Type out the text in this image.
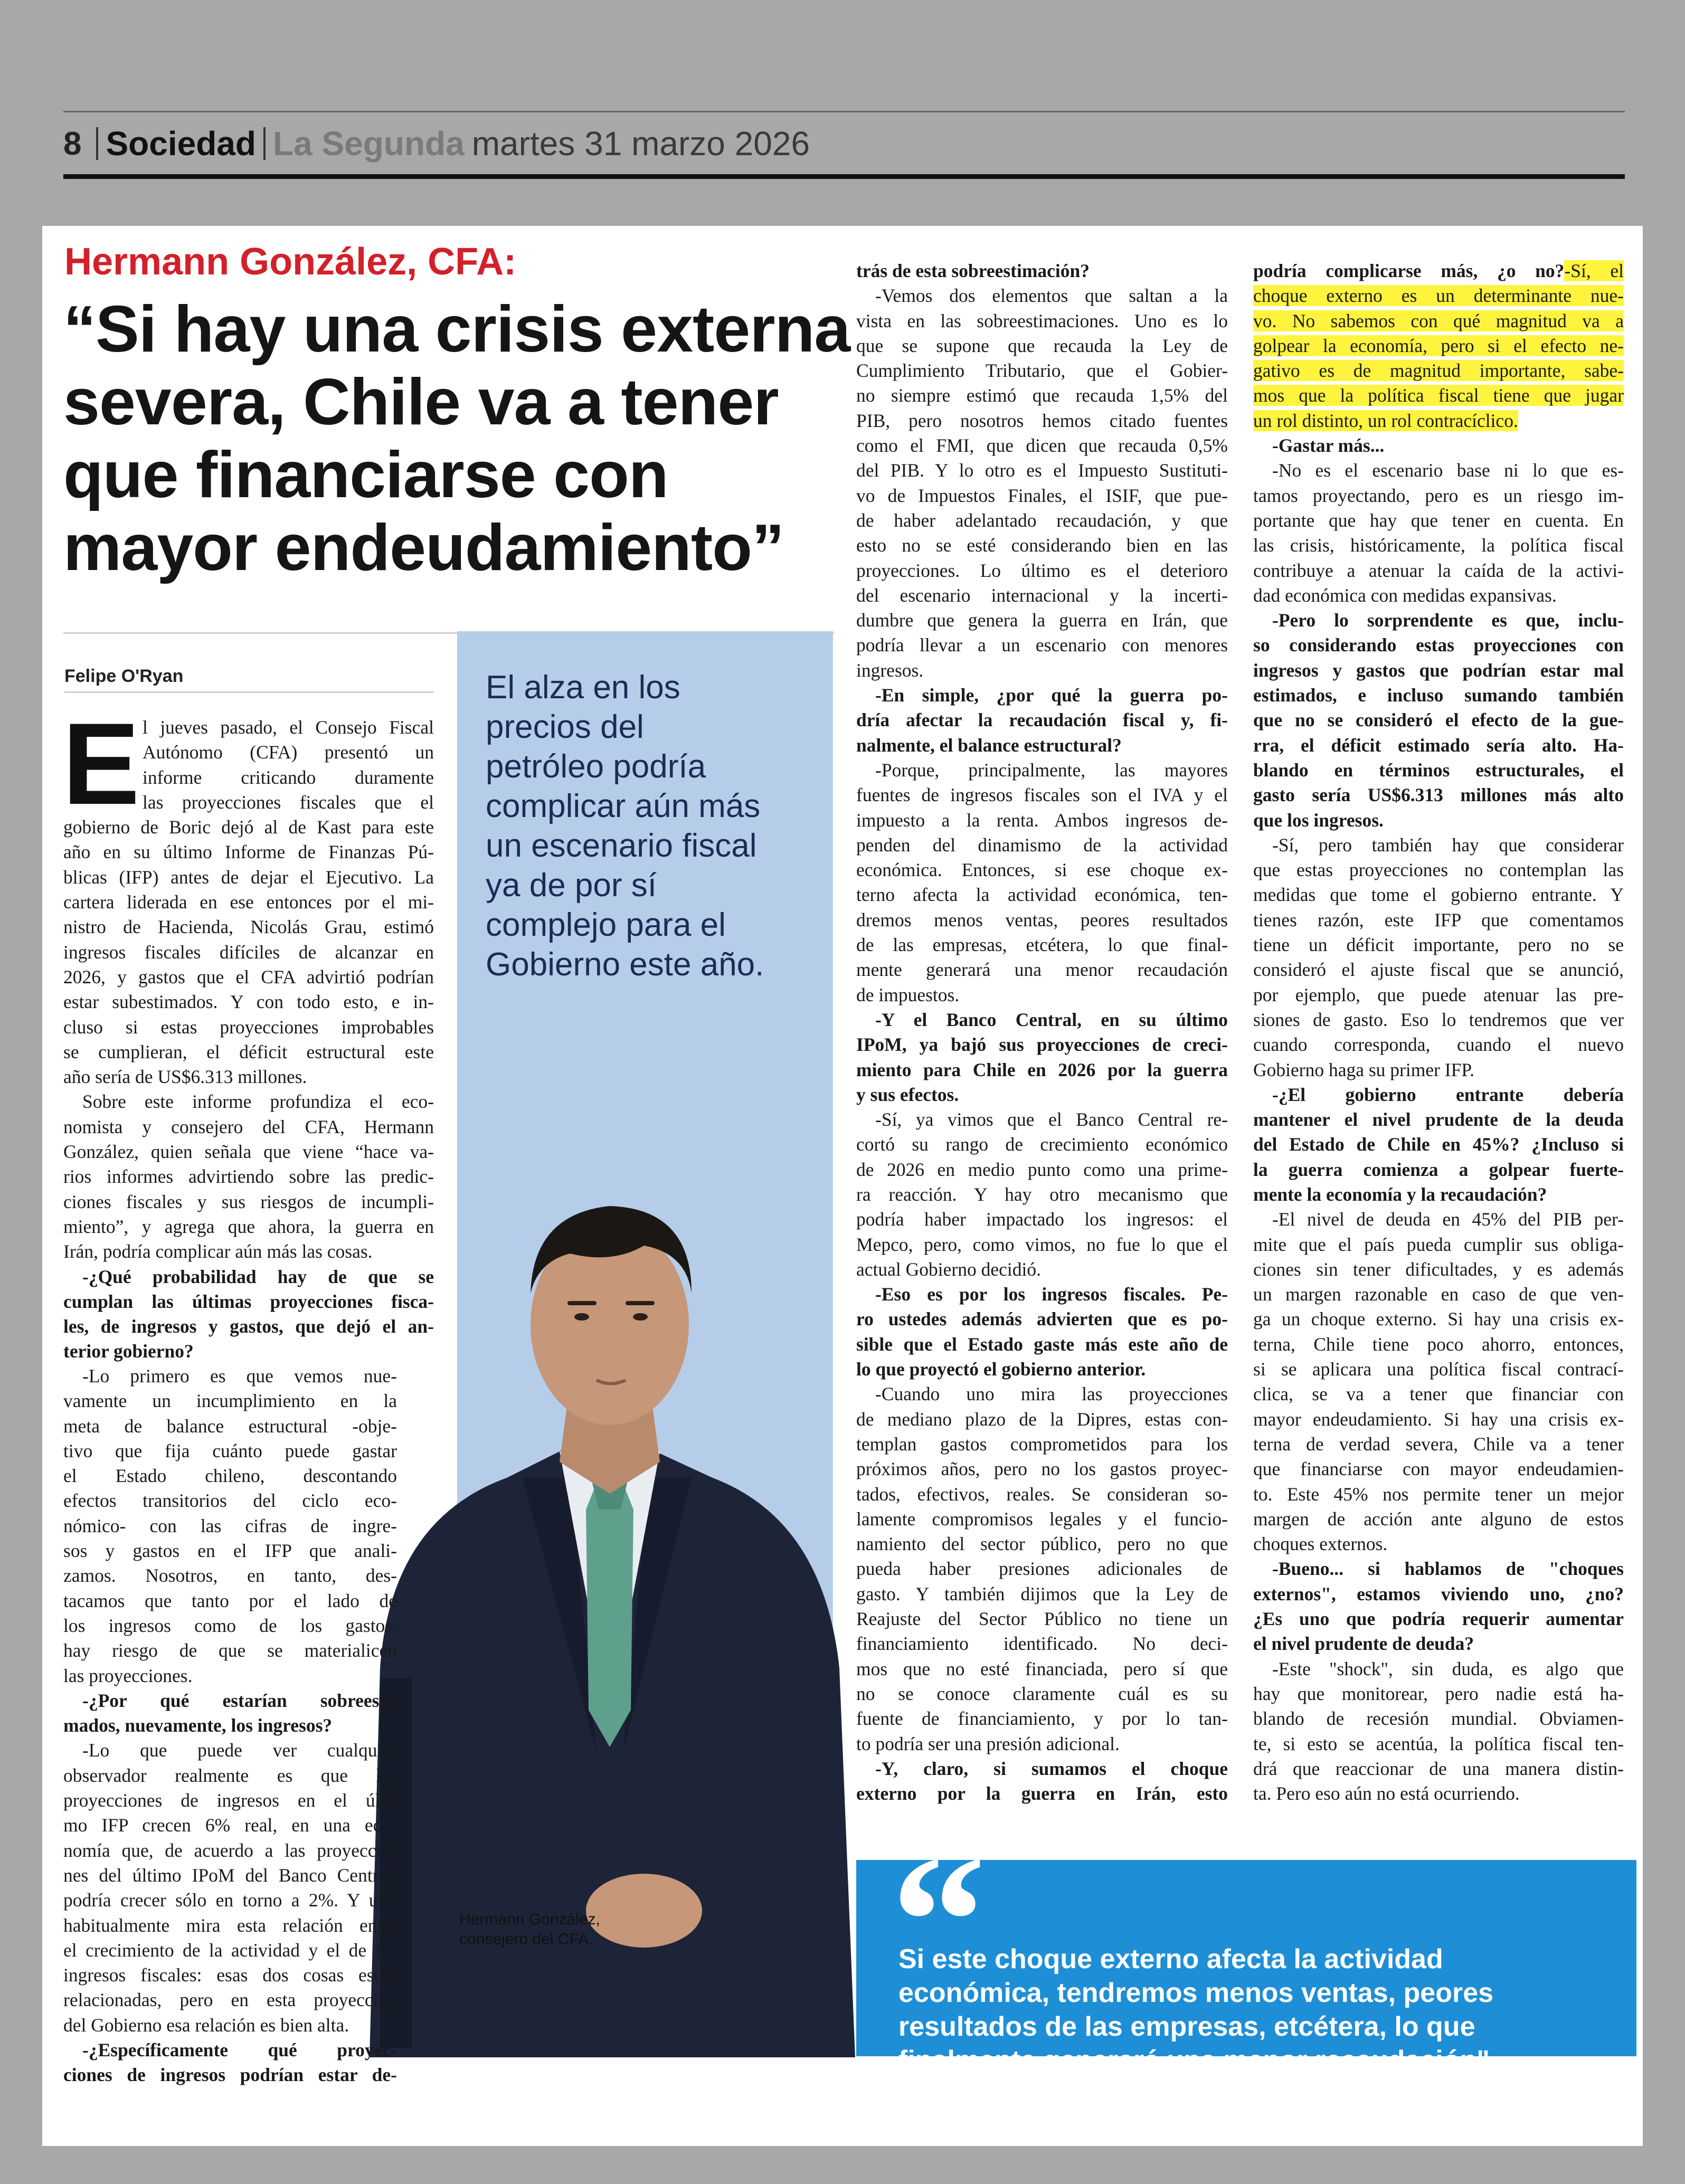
8 Sociedad La Segunda martes 31 marzo 2026
Hermann González, CFA:
“Si hay una crisis externa
severa, Chile va a tener
que financiarse con
mayor endeudamiento”
Felipe O'Ryan	El alza en los
precios del
petróleo podría
complicar aún más
un escenario fiscal
ya de por sí
complejo para el
Gobierno este año.
Hermann González,
consejero del CFA.
E l jueves pasado, el Consejo Fiscal
Autónomo (CFA) presentó un
informe criticando duramente
las proyecciones fiscales que el
gobierno de Boric dejó al de Kast para este
año en su último Informe de Finanzas Pú-
blicas (IFP) antes de dejar el Ejecutivo. La
cartera liderada en ese entonces por el mi-
nistro de Hacienda, Nicolás Grau, estimó
ingresos fiscales difíciles de alcanzar en
2026, y gastos que el CFA advirtió podrían
estar subestimados. Y con todo esto, e in-
cluso si estas proyecciones improbables
se cumplieran, el déficit estructural este
año sería de US$6.313 millones.
Sobre este informe profundiza el eco-
nomista y consejero del CFA, Hermann
González, quien señala que viene “hace va-
rios informes advirtiendo sobre las predic-
ciones fiscales y sus riesgos de incumpli-
miento”, y agrega que ahora, la guerra en
Irán, podría complicar aún más las cosas.
-¿Qué probabilidad hay de que se
cumplan las últimas proyecciones fisca-
les, de ingresos y gastos, que dejó el an-
terior gobierno?
-Lo primero es que vemos nue-
vamente un incumplimiento en la
meta de balance estructural -obje-
tivo que fija cuánto puede gastar
el Estado chileno, descontando
efectos transitorios del ciclo eco-
nómico- con las cifras de ingre-
sos y gastos en el IFP que anali-
zamos. Nosotros, en tanto, des-
tacamos que tanto por el lado de
los ingresos como de los gastos,
hay riesgo de que se materialicen
las proyecciones.
-¿Por qué estarían sobreesti-
mados, nuevamente, los ingresos?
-Lo que puede ver cualquier
observador realmente es que las
proyecciones de ingresos en el últi-
mo IFP crecen 6% real, en una eco-
nomía que, de acuerdo a las proyeccio-
nes del último IPoM del Banco Central,
podría crecer sólo en torno a 2%. Y uno
habitualmente mira esta relación entre
el crecimiento de la actividad y el de los
ingresos fiscales: esas dos cosas están
relacionadas, pero en esta proyección
del Gobierno esa relación es bien alta.
-¿Específicamente qué proyec-
ciones de ingresos podrían estar de-
trás de esta sobreestimación?
-Vemos dos elementos que saltan a la
vista en las sobreestimaciones. Uno es lo
que se supone que recauda la Ley de
Cumplimiento Tributario, que el Gobier-
no siempre estimó que recauda 1,5% del
PIB, pero nosotros hemos citado fuentes
como el FMI, que dicen que recauda 0,5%
del PIB. Y lo otro es el Impuesto Sustituti-
vo de Impuestos Finales, el ISIF, que pue-
de haber adelantado recaudación, y que
esto no se esté considerando bien en las
proyecciones. Lo último es el deterioro
del escenario internacional y la incerti-
dumbre que genera la guerra en Irán, que
podría llevar a un escenario con menores
ingresos.
-En simple, ¿por qué la guerra po-
dría afectar la recaudación fiscal y, fi-
nalmente, el balance estructural?
-Porque, principalmente, las mayores
fuentes de ingresos fiscales son el IVA y el
impuesto a la renta. Ambos ingresos de-
penden del dinamismo de la actividad
económica. Entonces, si ese choque ex-
terno afecta la actividad económica, ten-
dremos menos ventas, peores resultados
de las empresas, etcétera, lo que final-
mente generará una menor recaudación
de impuestos.
-Y el Banco Central, en su último
IPoM, ya bajó sus proyecciones de creci-
miento para Chile en 2026 por la guerra
y sus efectos.
-Sí, ya vimos que el Banco Central re-
cortó su rango de crecimiento económico
de 2026 en medio punto como una prime-
ra reacción. Y hay otro mecanismo que
podría haber impactado los ingresos: el
Mepco, pero, como vimos, no fue lo que el
actual Gobierno decidió.
-Eso es por los ingresos fiscales. Pe-
ro ustedes además advierten que es po-
sible que el Estado gaste más este año de
lo que proyectó el gobierno anterior.
-Cuando uno mira las proyecciones
de mediano plazo de la Dipres, estas con-
templan gastos comprometidos para los
próximos años, pero no los gastos proyec-
tados, efectivos, reales. Se consideran so-
lamente compromisos legales y el funcio-
namiento del sector público, pero no que
pueda haber presiones adicionales de
gasto. Y también dijimos que la Ley de
Reajuste del Sector Público no tiene un
financiamiento identificado. No deci-
mos que no esté financiada, pero sí que
no se conoce claramente cuál es su
fuente de financiamiento, y por lo tan-
to podría ser una presión adicional.
-Y, claro, si sumamos el choque
externo por la guerra en Irán, esto
podría complicarse más, ¿o no?-Sí, el
choque externo es un determinante nue-
vo. No sabemos con qué magnitud va a
golpear la economía, pero si el efecto ne-
gativo es de magnitud importante, sabe-
mos que la política fiscal tiene que jugar
un rol distinto, un rol contracíclico.
-Gastar más...
-No es el escenario base ni lo que es-
tamos proyectando, pero es un riesgo im-
portante que hay que tener en cuenta. En
las crisis, históricamente, la política fiscal
contribuye a atenuar la caída de la activi-
dad económica con medidas expansivas.
-Pero lo sorprendente es que, inclu-
so considerando estas proyecciones con
ingresos y gastos que podrían estar mal
estimados, e incluso sumando también
que no se consideró el efecto de la gue-
rra, el déficit estimado sería alto. Ha-
blando en términos estructurales, el
gasto sería US$6.313 millones más alto
que los ingresos.
-Sí, pero también hay que considerar
que estas proyecciones no contemplan las
medidas que tome el gobierno entrante. Y
tienes razón, este IFP que comentamos
tiene un déficit importante, pero no se
consideró el ajuste fiscal que se anunció,
por ejemplo, que puede atenuar las pre-
siones de gasto. Eso lo tendremos que ver
cuando corresponda, cuando el nuevo
Gobierno haga su primer IFP.
-¿El gobierno entrante debería
mantener el nivel prudente de la deuda
del Estado de Chile en 45%? ¿Incluso si
la guerra comienza a golpear fuerte-
mente la economía y la recaudación?
-El nivel de deuda en 45% del PIB per-
mite que el país pueda cumplir sus obliga-
ciones sin tener dificultades, y es además
un margen razonable en caso de que ven-
ga un choque externo. Si hay una crisis ex-
terna, Chile tiene poco ahorro, entonces,
si se aplicara una política fiscal contrací-
clica, se va a tener que financiar con
mayor endeudamiento. Si hay una crisis ex-
terna de verdad severa, Chile va a tener
que financiarse con mayor endeudamien-
to. Este 45% nos permite tener un mejor
margen de acción ante alguno de estos
choques externos.
-Bueno... si hablamos de "choques
externos", estamos viviendo uno, ¿no?
¿Es uno que podría requerir aumentar
el nivel prudente de deuda?
-Este "shock", sin duda, es algo que
hay que monitorear, pero nadie está ha-
blando de recesión mundial. Obviamen-
te, si esto se acentúa, la política fiscal ten-
drá que reaccionar de una manera distin-
ta. Pero eso aún no está ocurriendo.
“
Si este choque externo afecta la actividad
económica, tendremos menos ventas, peores
resultados de las empresas, etcétera, lo que
finalmente generará una menor recaudación".
